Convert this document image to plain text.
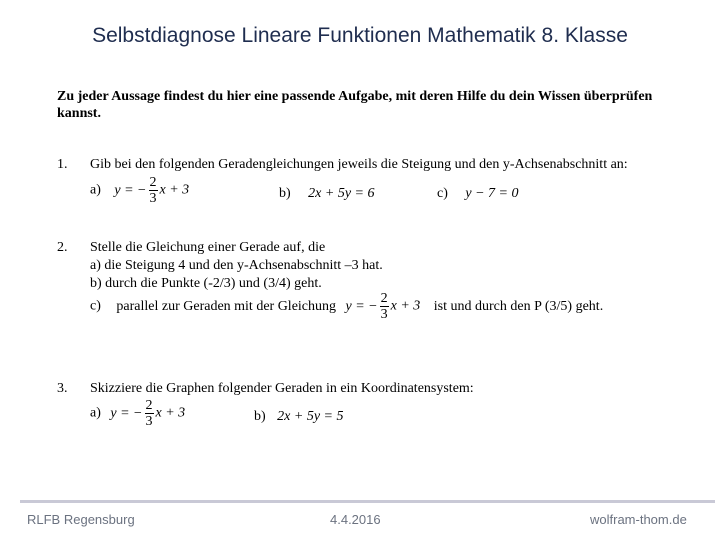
Selbstdiagnose Lineare Funktionen Mathematik 8. Klasse
Zu jeder Aussage findest du hier eine passende Aufgabe, mit deren Hilfe du dein Wissen überprüfen kannst.
1. Gib bei den folgenden Geradengleichungen jeweils die Steigung und den y-Achsenabschnitt an:
a) y = − $\frac{2}{3}$ x + 3	b) 2x + 5y = 6	c) y − 7 = 0
2. Stelle die Gleichung einer Gerade auf, die
a) die Steigung 4 und den y-Achsenabschnitt –3 hat.
b) durch die Punkte (-2/3) und (3/4) geht.
c) parallel zur Geraden mit der Gleichung y = − $\frac{2}{3}$ x + 3 ist und durch den P (3/5) geht.
3. Skizziere die Graphen folgender Geraden in ein Koordinatensystem:
a) y = − $\frac{2}{3}$ x + 3	b) 2x + 5y = 5
RLFB Regensburg	4.4.2016	wolfram-thom.de
